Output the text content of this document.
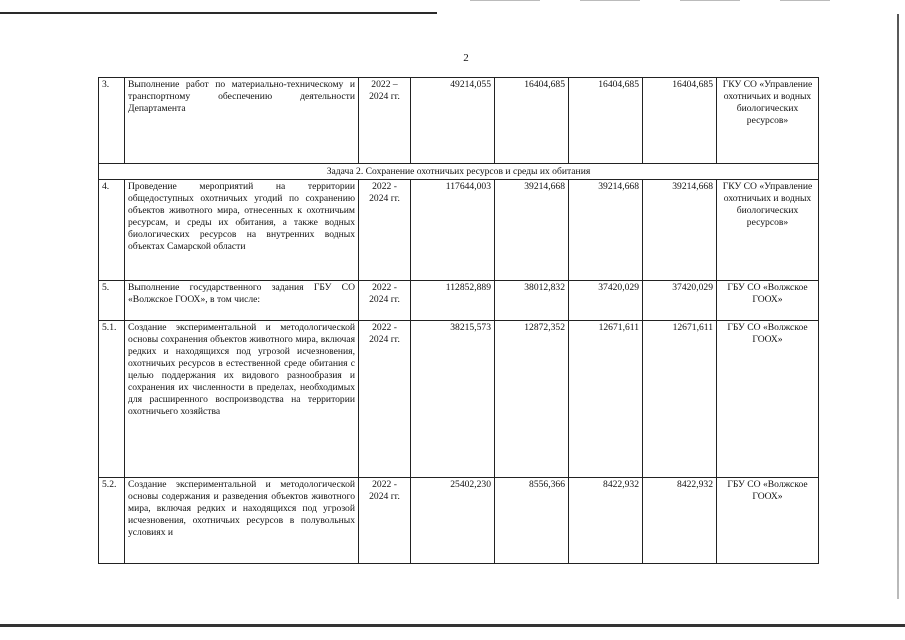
2
3.	Выполнение работ по материально-техническому и транспортному обеспечению деятельности Департамента	2022 – 2024 гг.	49214,055	16404,685	16404,685	16404,685	ГКУ СО «Управление охотничьих и водных биологических ресурсов»
Задача 2. Сохранение охотничьих ресурсов и среды их обитания							
4.	Проведение мероприятий на территории общедоступных охотничьих угодий по сохранению объектов животного мира, отнесенных к охотничьим ресурсам, и среды их обитания, а также водных биологических ресурсов на внутренних водных объектах Самарской области	2022 - 2024 гг.	117644,003	39214,668	39214,668	39214,668	ГКУ СО «Управление охотничьих и водных биологических ресурсов»
5.	Выполнение государственного задания ГБУ СО «Волжское ГООХ», в том числе:	2022 - 2024 гг.	112852,889	38012,832	37420,029	37420,029	ГБУ СО «Волжское ГООХ»
5.1.	Создание экспериментальной и методологической основы сохранения объектов животного мира, включая редких и находящихся под угрозой исчезновения, охотничьих ресурсов в естественной среде обитания с целью поддержания их видового разнообразия и сохранения их численности в пределах, необходимых для расширенного воспроизводства на территории охотничьего хозяйства	2022 - 2024 гг.	38215,573	12872,352	12671,611	12671,611	ГБУ СО «Волжское ГООХ»
5.2.	Создание экспериментальной и методологической основы содержания и разведения объектов животного мира, включая редких и находящихся под угрозой исчезновения, охотничьих ресурсов в полувольных условиях и	2022 - 2024 гг.	25402,230	8556,366	8422,932	8422,932	ГБУ СО «Волжское ГООХ»
